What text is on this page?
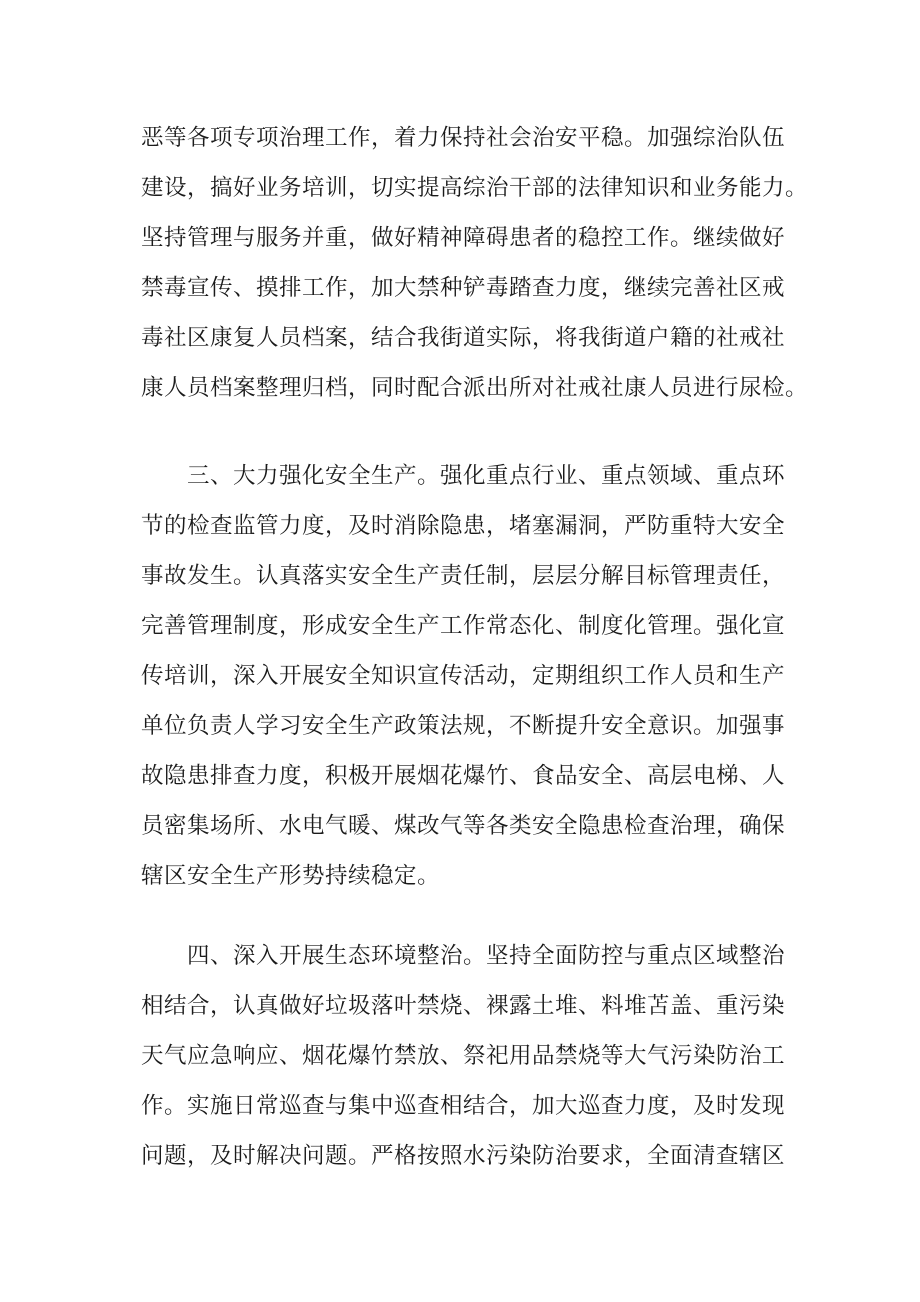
恶等各项专项治理工作，着力保持社会治安平稳。加强综治队伍
建设，搞好业务培训，切实提高综治干部的法律知识和业务能力。
坚持管理与服务并重，做好精神障碍患者的稳控工作。继续做好
禁毒宣传、摸排工作，加大禁种铲毒踏查力度，继续完善社区戒
毒社区康复人员档案，结合我街道实际，将我街道户籍的社戒社
康人员档案整理归档，同时配合派出所对社戒社康人员进行尿检。
　　三、大力强化安全生产。强化重点行业、重点领域、重点环
节的检查监管力度，及时消除隐患，堵塞漏洞，严防重特大安全
事故发生。认真落实安全生产责任制，层层分解目标管理责任，
完善管理制度，形成安全生产工作常态化、制度化管理。强化宣
传培训，深入开展安全知识宣传活动，定期组织工作人员和生产
单位负责人学习安全生产政策法规，不断提升安全意识。加强事
故隐患排查力度，积极开展烟花爆竹、食品安全、高层电梯、人
员密集场所、水电气暖、煤改气等各类安全隐患检查治理，确保
辖区安全生产形势持续稳定。
　　四、深入开展生态环境整治。坚持全面防控与重点区域整治
相结合，认真做好垃圾落叶禁烧、裸露土堆、料堆苫盖、重污染
天气应急响应、烟花爆竹禁放、祭祀用品禁烧等大气污染防治工
作。实施日常巡查与集中巡查相结合，加大巡查力度，及时发现
问题，及时解决问题。严格按照水污染防治要求，全面清查辖区
